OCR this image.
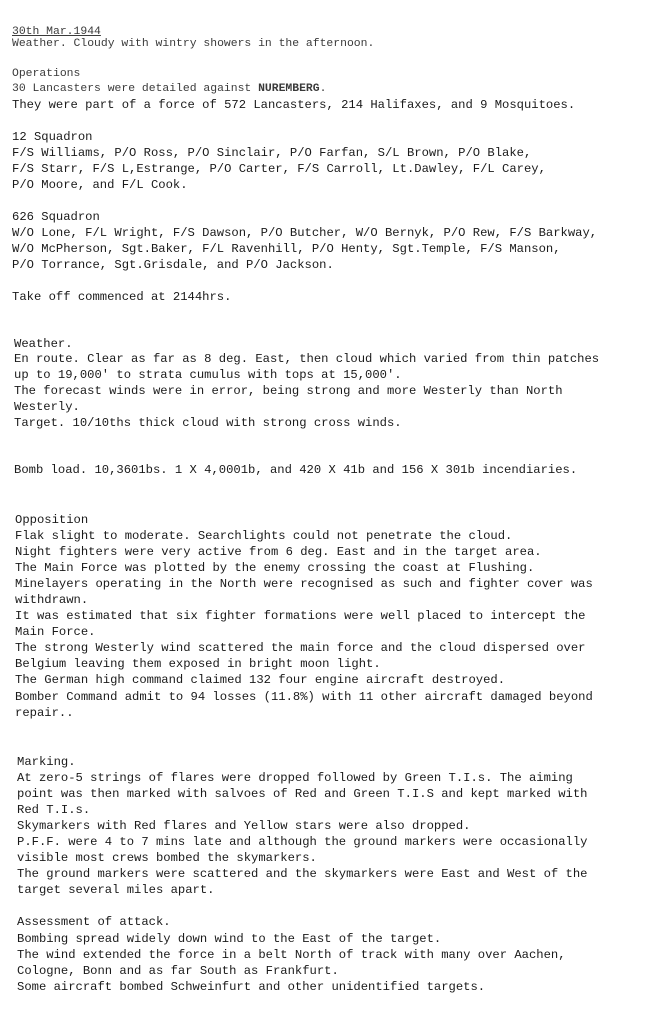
30th Mar.1944
Weather. Cloudy with wintry showers in the afternoon.
Operations
30 Lancasters were detailed against NUREMBERG.
They were part of a force of 572 Lancasters, 214 Halifaxes, and 9 Mosquitoes.
12 Squadron
F/S Williams, P/O Ross, P/O Sinclair, P/O Farfan, S/L Brown, P/O Blake,
F/S Starr, F/S L,Estrange, P/O Carter, F/S Carroll, Lt.Dawley, F/L Carey,
P/O Moore, and F/L Cook.
626 Squadron
W/O Lone, F/L Wright, F/S Dawson, P/O Butcher, W/O Bernyk, P/O Rew, F/S Barkway,
W/O McPherson, Sgt.Baker, F/L Ravenhill, P/O Henty, Sgt.Temple, F/S Manson,
P/O Torrance, Sgt.Grisdale, and P/O Jackson.
Take off commenced at 2144hrs.
Weather.
En route. Clear as far as 8 deg. East, then cloud which varied from thin patches
up to 19,000' to strata cumulus with tops at 15,000'.
The forecast winds were in error, being strong and more Westerly than North
Westerly.
Target. 10/10ths thick cloud with strong cross winds.
Bomb load. 10,3601bs. 1 X 4,0001b, and 420 X 41b and 156 X 301b incendiaries.
Opposition
Flak slight to moderate. Searchlights could not penetrate the cloud.
Night fighters were very active from 6 deg. East and in the target area.
The Main Force was plotted by the enemy crossing the coast at Flushing.
Minelayers operating in the North were recognised as such and fighter cover was
withdrawn.
It was estimated that six fighter formations were well placed to intercept the
Main Force.
The strong Westerly wind scattered the main force and the cloud dispersed over
Belgium leaving them exposed in bright moon light.
The German high command claimed 132 four engine aircraft destroyed.
Bomber Command admit to 94 losses (11.8%) with 11 other aircraft damaged beyond
repair..
Marking.
At zero-5 strings of flares were dropped followed by Green T.I.s. The aiming
point was then marked with salvoes of Red and Green T.I.S and kept marked with
Red T.I.s.
Skymarkers with Red flares and Yellow stars were also dropped.
P.F.F. were 4 to 7 mins late and although the ground markers were occasionally
visible most crews bombed the skymarkers.
The ground markers were scattered and the skymarkers were East and West of the
target several miles apart.
Assessment of attack.
Bombing spread widely down wind to the East of the target.
The wind extended the force in a belt North of track with many over Aachen,
Cologne, Bonn and as far South as Frankfurt.
Some aircraft bombed Schweinfurt and other unidentified targets.
